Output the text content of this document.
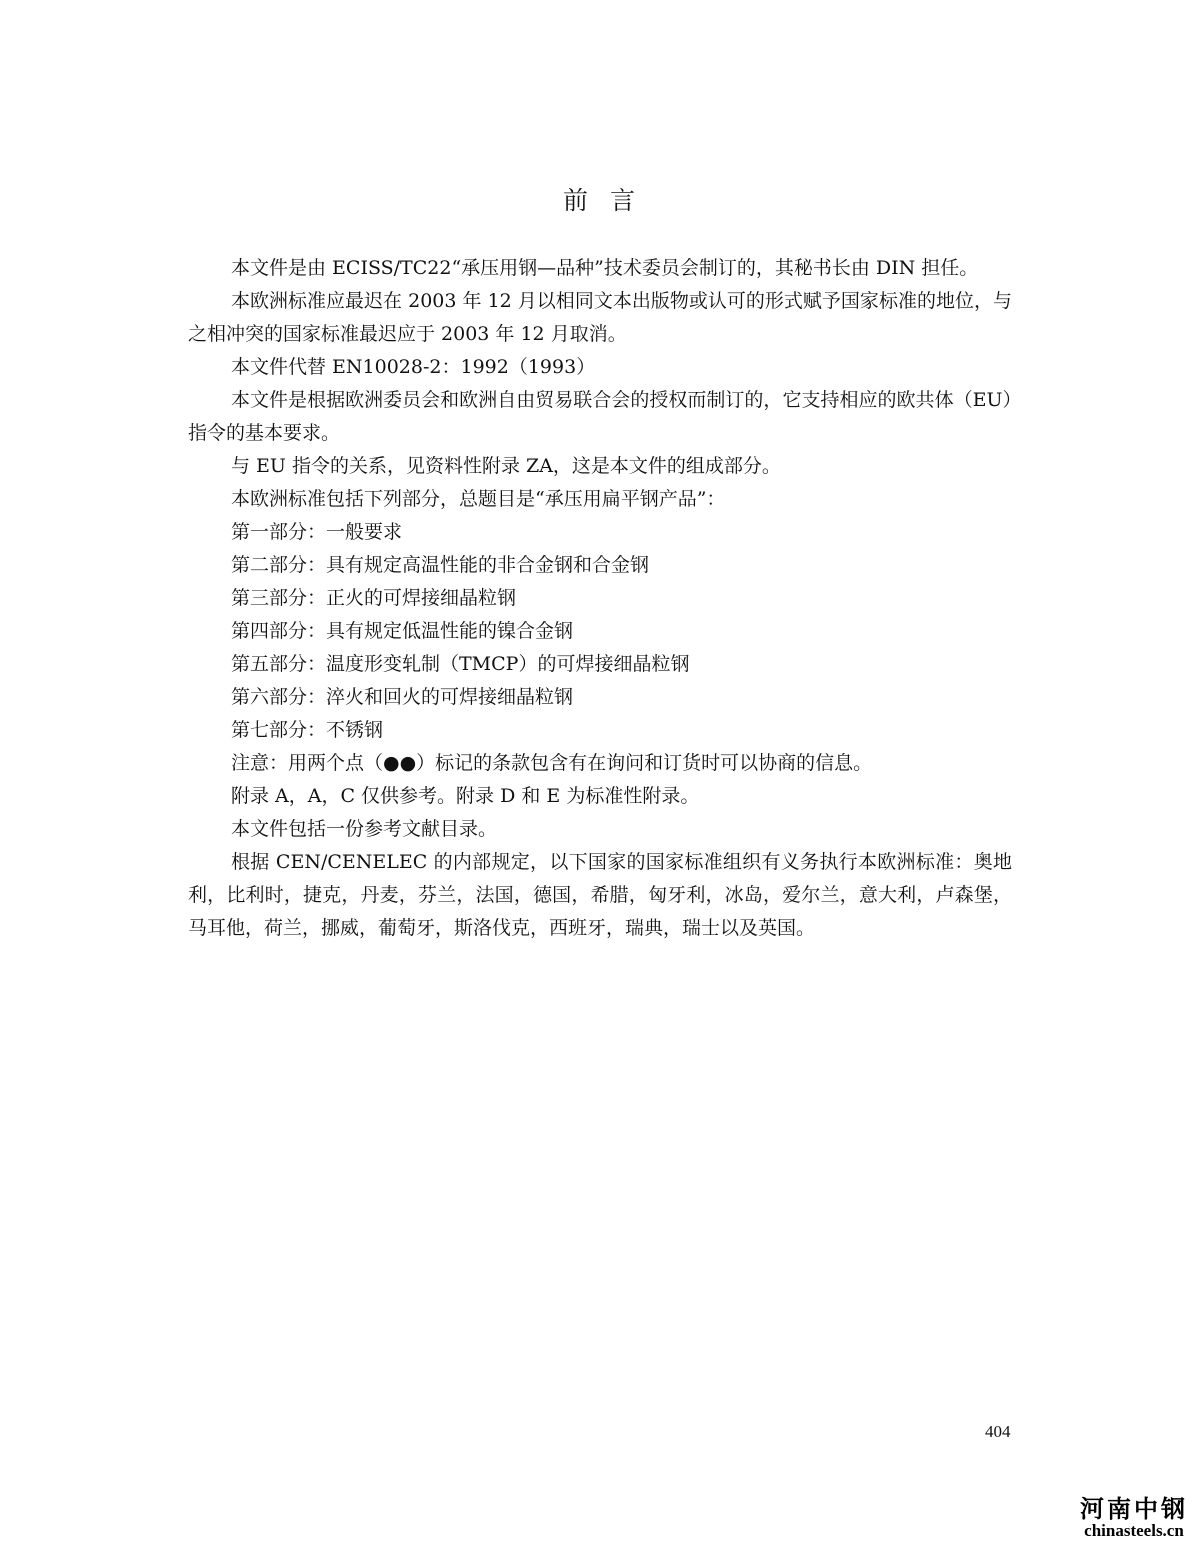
前言

本文件是由 ECISS/TC22“承压用钢—品种”技术委员会制订的，其秘书长由 DIN 担任。

本欧洲标准应最迟在 2003 年 12 月以相同文本出版物或认可的形式赋予国家标准的地位，与之相冲突的国家标准最迟应于 2003 年 12 月取消。

本文件代替 EN10028-2：1992（1993）

本文件是根据欧洲委员会和欧洲自由贸易联合会的授权而制订的，它支持相应的欧共体（EU）指令的基本要求。

与 EU 指令的关系，见资料性附录 ZA，这是本文件的组成部分。

本欧洲标准包括下列部分，总题目是“承压用扁平钢产品”：

第一部分：一般要求

第二部分：具有规定高温性能的非合金钢和合金钢

第三部分：正火的可焊接细晶粒钢

第四部分：具有规定低温性能的镍合金钢

第五部分：温度形变轧制（TMCP）的可焊接细晶粒钢

第六部分：淬火和回火的可焊接细晶粒钢

第七部分：不锈钢

注意：用两个点（●●）标记的条款包含有在询问和订货时可以协商的信息。

附录 A，A，C 仅供参考。附录 D 和 E 为标准性附录。

本文件包括一份参考文献目录。

根据 CEN/CENELEC 的内部规定，以下国家的国家标准组织有义务执行本欧洲标准：奥地利，比利时，捷克，丹麦，芬兰，法国，德国，希腊，匈牙利，冰岛，爱尔兰，意大利，卢森堡，马耳他，荷兰，挪威，葡萄牙，斯洛伐克，西班牙，瑞典，瑞士以及英国。

404
河南中钢
chinasteels.cn
